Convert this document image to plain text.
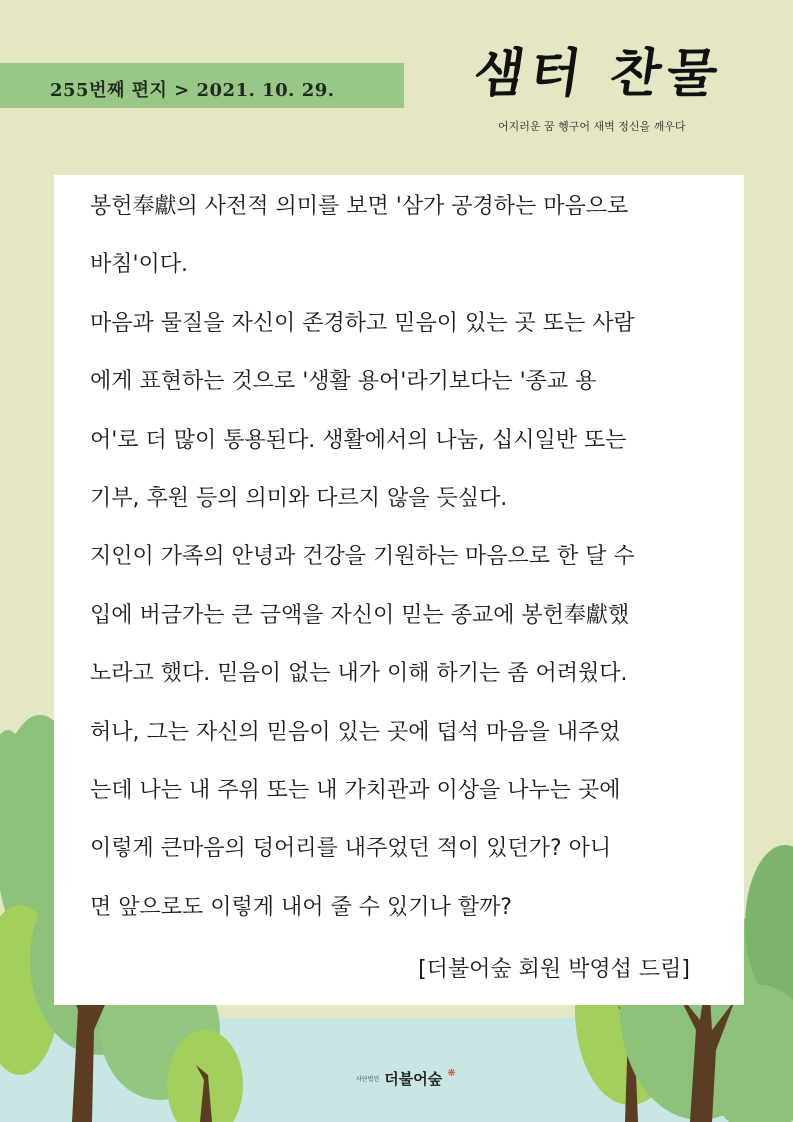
255번째 편지 > 2021. 10. 29.	샘터 찬물
어지러운 꿈 헹구어 새벽 정신을 깨우다
봉헌奉獻의 사전적 의미를 보면 '삼가 공경하는 마음으로
바침'이다.
마음과 물질을 자신이 존경하고 믿음이 있는 곳 또는 사람
에게 표현하는 것으로 '생활 용어'라기보다는 '종교 용
어'로 더 많이 통용된다. 생활에서의 나눔, 십시일반 또는
기부, 후원 등의 의미와 다르지 않을 듯싶다.
지인이 가족의 안녕과 건강을 기원하는 마음으로 한 달 수
입에 버금가는 큰 금액을 자신이 믿는 종교에 봉헌奉獻했
노라고 했다. 믿음이 없는 내가 이해 하기는 좀 어려웠다.
허나, 그는 자신의 믿음이 있는 곳에 덥석 마음을 내주었
는데 나는 내 주위 또는 내 가치관과 이상을 나누는 곳에
이렇게 큰마음의 덩어리를 내주었던 적이 있던가? 아니
면 앞으로도 이렇게 내어 줄 수 있기나 할까?
[더불어숲 회원 박영섭 드림]
사단법인 더불어숲 ❋
